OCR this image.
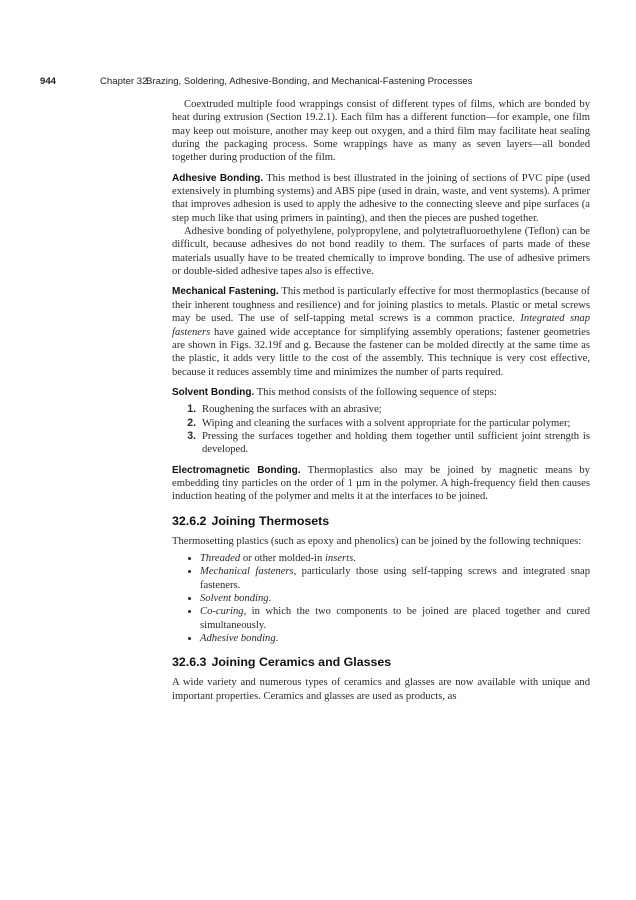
944	Chapter 32
Brazing, Soldering, Adhesive-Bonding, and Mechanical-Fastening Processes

Coextruded multiple food wrappings consist of different types of films, which are bonded by heat during extrusion (Section 19.2.1). Each film has a different function—for example, one film may keep out moisture, another may keep out oxygen, and a third film may facilitate heat sealing during the packaging process. Some wrappings have as many as seven layers—all bonded together during production of the film.

Adhesive Bonding. This method is best illustrated in the joining of sections of PVC pipe (used extensively in plumbing systems) and ABS pipe (used in drain, waste, and vent systems). A primer that improves adhesion is used to apply the adhesive to the connecting sleeve and pipe surfaces (a step much like that using primers in painting), and then the pieces are pushed together.

Adhesive bonding of polyethylene, polypropylene, and polytetrafluoroethylene (Teflon) can be difficult, because adhesives do not bond readily to them. The surfaces of parts made of these materials usually have to be treated chemically to improve bonding. The use of adhesive primers or double-sided adhesive tapes also is effective.

Mechanical Fastening. This method is particularly effective for most thermoplastics (because of their inherent toughness and resilience) and for joining plastics to metals. Plastic or metal screws may be used. The use of self-tapping metal screws is a common practice. Integrated snap fasteners have gained wide acceptance for simplifying assembly operations; fastener geometries are shown in Figs. 32.19f and g. Because the fastener can be molded directly at the same time as the plastic, it adds very little to the cost of the assembly. This technique is very cost effective, because it reduces assembly time and minimizes the number of parts required.

Solvent Bonding. This method consists of the following sequence of steps:

1. Roughening the surfaces with an abrasive;
2. Wiping and cleaning the surfaces with a solvent appropriate for the particular polymer;
3. Pressing the surfaces together and holding them together until sufficient joint strength is developed.

Electromagnetic Bonding. Thermoplastics also may be joined by magnetic means by embedding tiny particles on the order of 1 µm in the polymer. A high-frequency field then causes induction heating of the polymer and melts it at the interfaces to be joined.

32.6.2 Joining Thermosets

Thermosetting plastics (such as epoxy and phenolics) can be joined by the following techniques:

• Threaded or other molded-in inserts.
• Mechanical fasteners, particularly those using self-tapping screws and integrated snap fasteners.
• Solvent bonding.
• Co-curing, in which the two components to be joined are placed together and cured simultaneously.
• Adhesive bonding.
32.6.3 Joining Ceramics and Glasses

A wide variety and numerous types of ceramics and glasses are now available with unique and important properties. Ceramics and glasses are used as products, as
